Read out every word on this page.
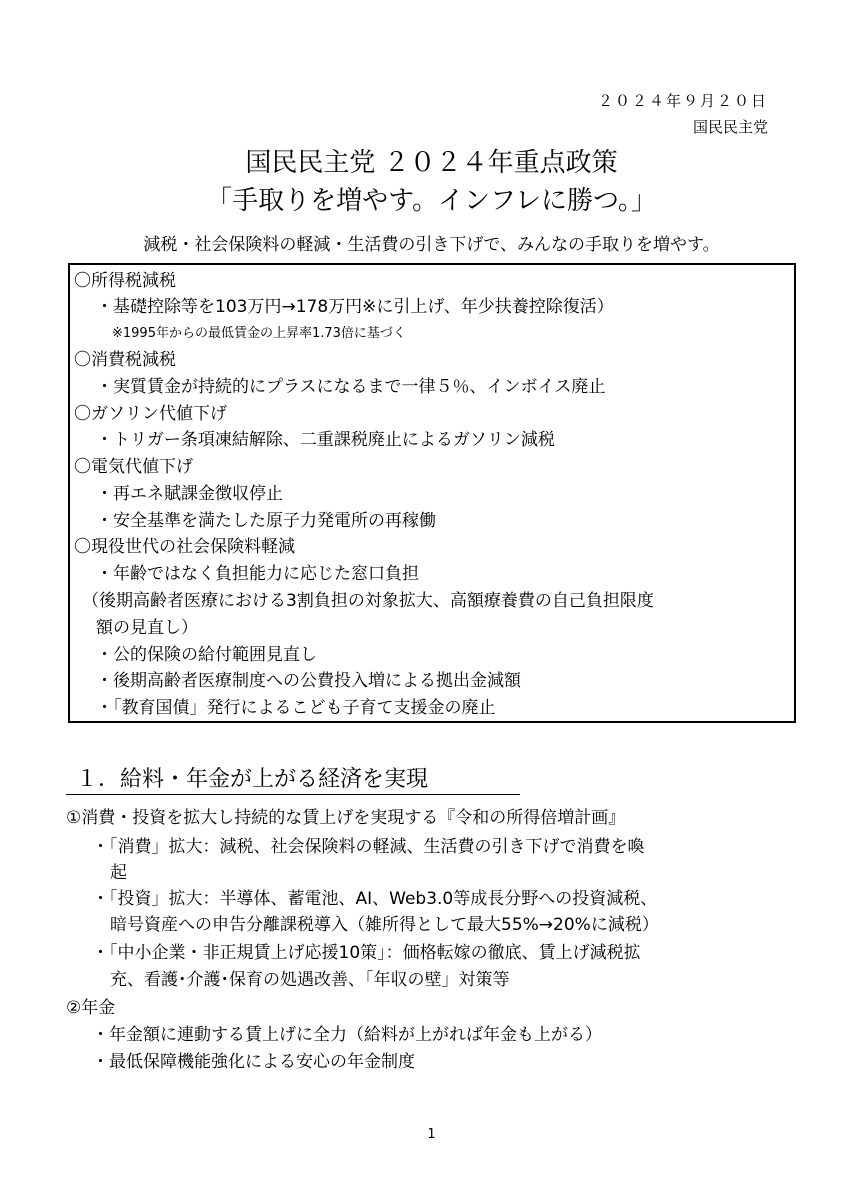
２０２４年９月２０日
国民民主党
国民民主党 ２０２４年重点政策
「手取りを増やす。インフレに勝つ。」
減税・社会保険料の軽減・生活費の引き下げで、みんなの手取りを増やす。
〇所得税減税
・基礎控除等を103万円→178万円※に引上げ、年少扶養控除復活）
※1995年からの最低賃金の上昇率1.73倍に基づく
〇消費税減税
・実質賃金が持続的にプラスになるまで一律５％、インボイス廃止
〇ガソリン代値下げ
・トリガー条項凍結解除、二重課税廃止によるガソリン減税
〇電気代値下げ
・再エネ賦課金徴収停止
・安全基準を満たした原子力発電所の再稼働
〇現役世代の社会保険料軽減
・年齢ではなく負担能力に応じた窓口負担
（後期高齢者医療における3割負担の対象拡大、高額療養費の自己負担限度
額の見直し）
・公的保険の給付範囲見直し
・後期高齢者医療制度への公費投入増による拠出金減額
・「教育国債」発行によるこども子育て支援金の廃止
１．給料・年金が上がる経済を実現
①消費・投資を拡大し持続的な賃上げを実現する『令和の所得倍増計画』
・「消費」拡大：減税、社会保険料の軽減、生活費の引き下げで消費を喚
起
・「投資」拡大：半導体、蓄電池、AI、Web3.0等成長分野への投資減税、
暗号資産への申告分離課税導入（雑所得として最大55%→20%に減税）
・「中小企業・非正規賃上げ応援10策」：価格転嫁の徹底、賃上げ減税拡
充、看護･介護･保育の処遇改善、「年収の壁」対策等
②年金
・年金額に連動する賃上げに全力（給料が上がれば年金も上がる）
・最低保障機能強化による安心の年金制度
1
